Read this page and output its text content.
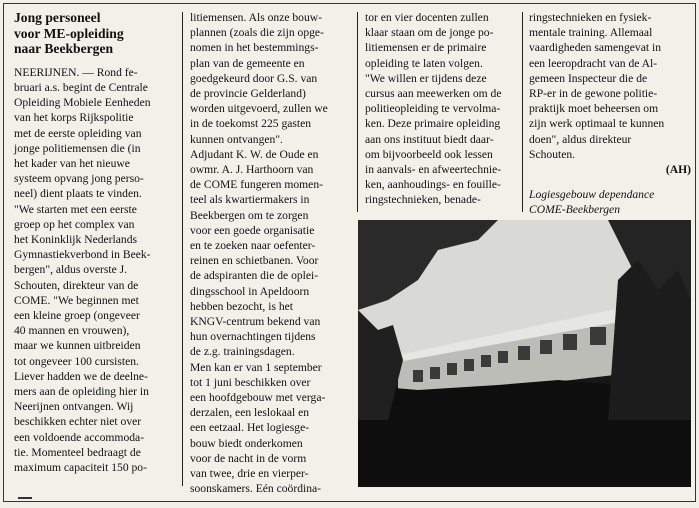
Jong personeel
voor ME-opleiding
naar Beekbergen

NEERIJNEN. — Rond fe-

bruari a.s. begint de Centrale

Opleiding Mobiele Eenheden

van het korps Rijkspolitie

met de eerste opleiding van

jonge politiemensen die (in

het kader van het nieuwe

systeem opvang jong perso-

neel) dient plaats te vinden.

"We starten met een eerste

groep op het complex van

het Koninklijk Nederlands

Gymnastiekverbond in Beek-

bergen", aldus overste J.

Schouten, direkteur van de

COME. "We beginnen met

een kleine groep (ongeveer

40 mannen en vrouwen),

maar we kunnen uitbreiden

tot ongeveer 100 cursisten.

Liever hadden we de deelne-

mers aan de opleiding hier in

Neerijnen ontvangen. Wij

beschikken echter niet over

een voldoende accommoda-

tie. Momenteel bedraagt de

maximum capaciteit 150 po-

litiemensen. Als onze bouw-

plannen (zoals die zijn opge-

nomen in het bestemmings-

plan van de gemeente en

goedgekeurd door G.S. van

de provincie Gelderland)

worden uitgevoerd, zullen we

in de toekomst 225 gasten

kunnen ontvangen".

Adjudant K. W. de Oude en

owmr. A. J. Harthoorn van

de COME fungeren momen-

teel als kwartiermakers in

Beekbergen om te zorgen

voor een goede organisatie

en te zoeken naar oefenter-

reinen en schietbanen. Voor

de adspiranten die de oplei-

dingsschool in Apeldoorn

hebben bezocht, is het

KNGV-centrum bekend van

hun overnachtingen tijdens

de z.g. trainingsdagen.

Men kan er van 1 september

tot 1 juni beschikken over

een hoofdgebouw met verga-

derzalen, een leslokaal en

een eetzaal. Het logiesge-

bouw biedt onderkomen

voor de nacht in de vorm

van twee, drie en vierper-

soonskamers. Eén coördina-

tor en vier docenten zullen

klaar staan om de jonge po-

litiemensen er de primaire

opleiding te laten volgen.

"We willen er tijdens deze

cursus aan meewerken om de

politieopleiding te vervolma-

ken. Deze primaire opleiding

aan ons instituut biedt daar-

om bijvoorbeeld ook lessen

in aanvals- en afweertechnie-

ken, aanhoudings- en fouille-

ringstechnieken, benade-

ringstechnieken en fysiek-

mentale training. Allemaal

vaardigheden samengevat in

een leeropdracht van de Al-

gemeen Inspecteur die de

RP-er in de gewone politie-

praktijk moet beheersen om

zijn werk optimaal te kunnen

doen", aldus direkteur

Schouten.

(AH)
Logiesgebouw dependance
COME-Beekbergen
